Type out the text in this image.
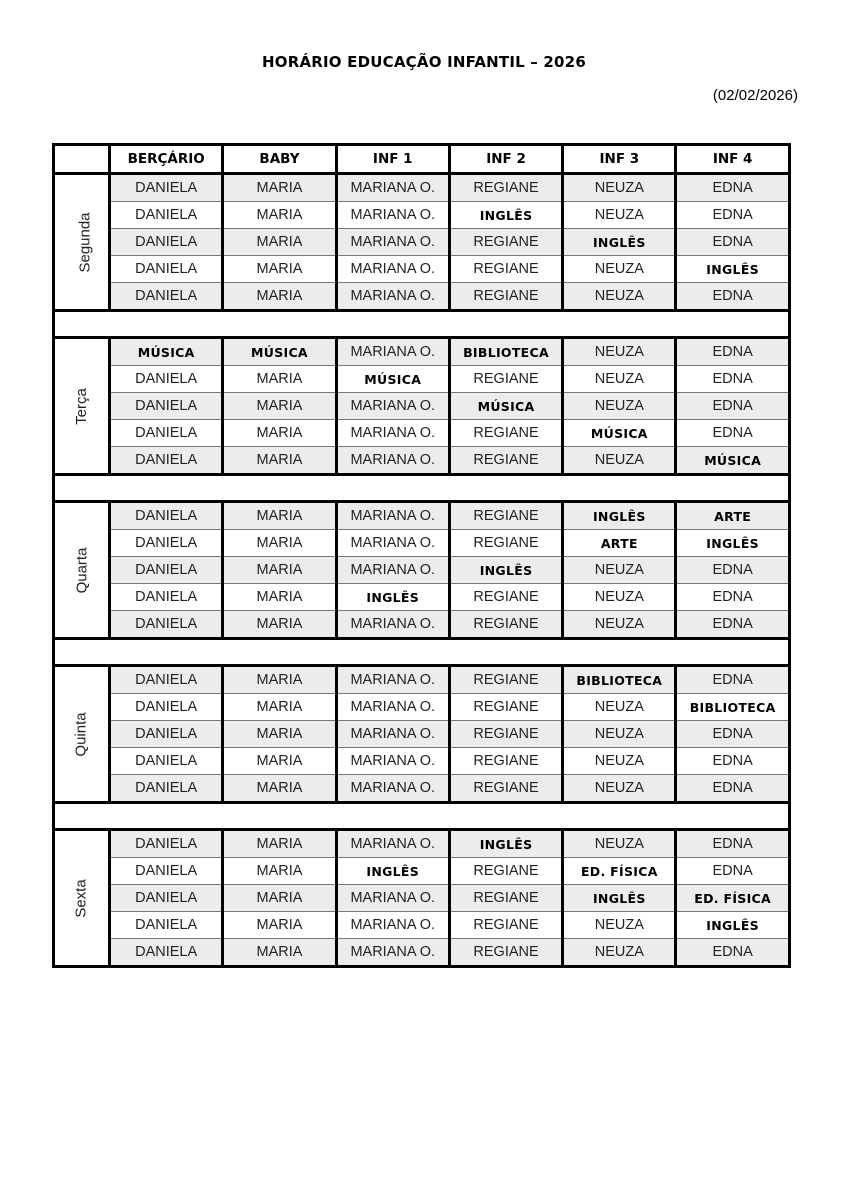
HORÁRIO EDUCAÇÃO INFANTIL – 2026
(02/02/2026)
	BERÇÁRIO	BABY	INF 1	INF 2	INF 3	INF 4
Segunda	DANIELA	MARIA	MARIANA O.	REGIANE	NEUZA	EDNA
	DANIELA	MARIA	MARIANA O.	INGLÊS	NEUZA	EDNA
	DANIELA	MARIA	MARIANA O.	REGIANE	INGLÊS	EDNA
	DANIELA	MARIA	MARIANA O.	REGIANE	NEUZA	INGLÊS
	DANIELA	MARIA	MARIANA O.	REGIANE	NEUZA	EDNA

Terça	MÚSICA	MÚSICA	MARIANA O.	BIBLIOTECA	NEUZA	EDNA
	DANIELA	MARIA	MÚSICA	REGIANE	NEUZA	EDNA
	DANIELA	MARIA	MARIANA O.	MÚSICA	NEUZA	EDNA
	DANIELA	MARIA	MARIANA O.	REGIANE	MÚSICA	EDNA
	DANIELA	MARIA	MARIANA O.	REGIANE	NEUZA	MÚSICA

Quarta	DANIELA	MARIA	MARIANA O.	REGIANE	INGLÊS	ARTE
	DANIELA	MARIA	MARIANA O.	REGIANE	ARTE	INGLÊS
	DANIELA	MARIA	MARIANA O.	INGLÊS	NEUZA	EDNA
	DANIELA	MARIA	INGLÊS	REGIANE	NEUZA	EDNA
	DANIELA	MARIA	MARIANA O.	REGIANE	NEUZA	EDNA

Quinta	DANIELA	MARIA	MARIANA O.	REGIANE	BIBLIOTECA	EDNA
	DANIELA	MARIA	MARIANA O.	REGIANE	NEUZA	BIBLIOTECA
	DANIELA	MARIA	MARIANA O.	REGIANE	NEUZA	EDNA
	DANIELA	MARIA	MARIANA O.	REGIANE	NEUZA	EDNA
	DANIELA	MARIA	MARIANA O.	REGIANE	NEUZA	EDNA

Sexta	DANIELA	MARIA	MARIANA O.	INGLÊS	NEUZA	EDNA
	DANIELA	MARIA	INGLÊS	REGIANE	ED. FÍSICA	EDNA
	DANIELA	MARIA	MARIANA O.	REGIANE	INGLÊS	ED. FÍSICA
	DANIELA	MARIA	MARIANA O.	REGIANE	NEUZA	INGLÊS
	DANIELA	MARIA	MARIANA O.	REGIANE	NEUZA	EDNA
